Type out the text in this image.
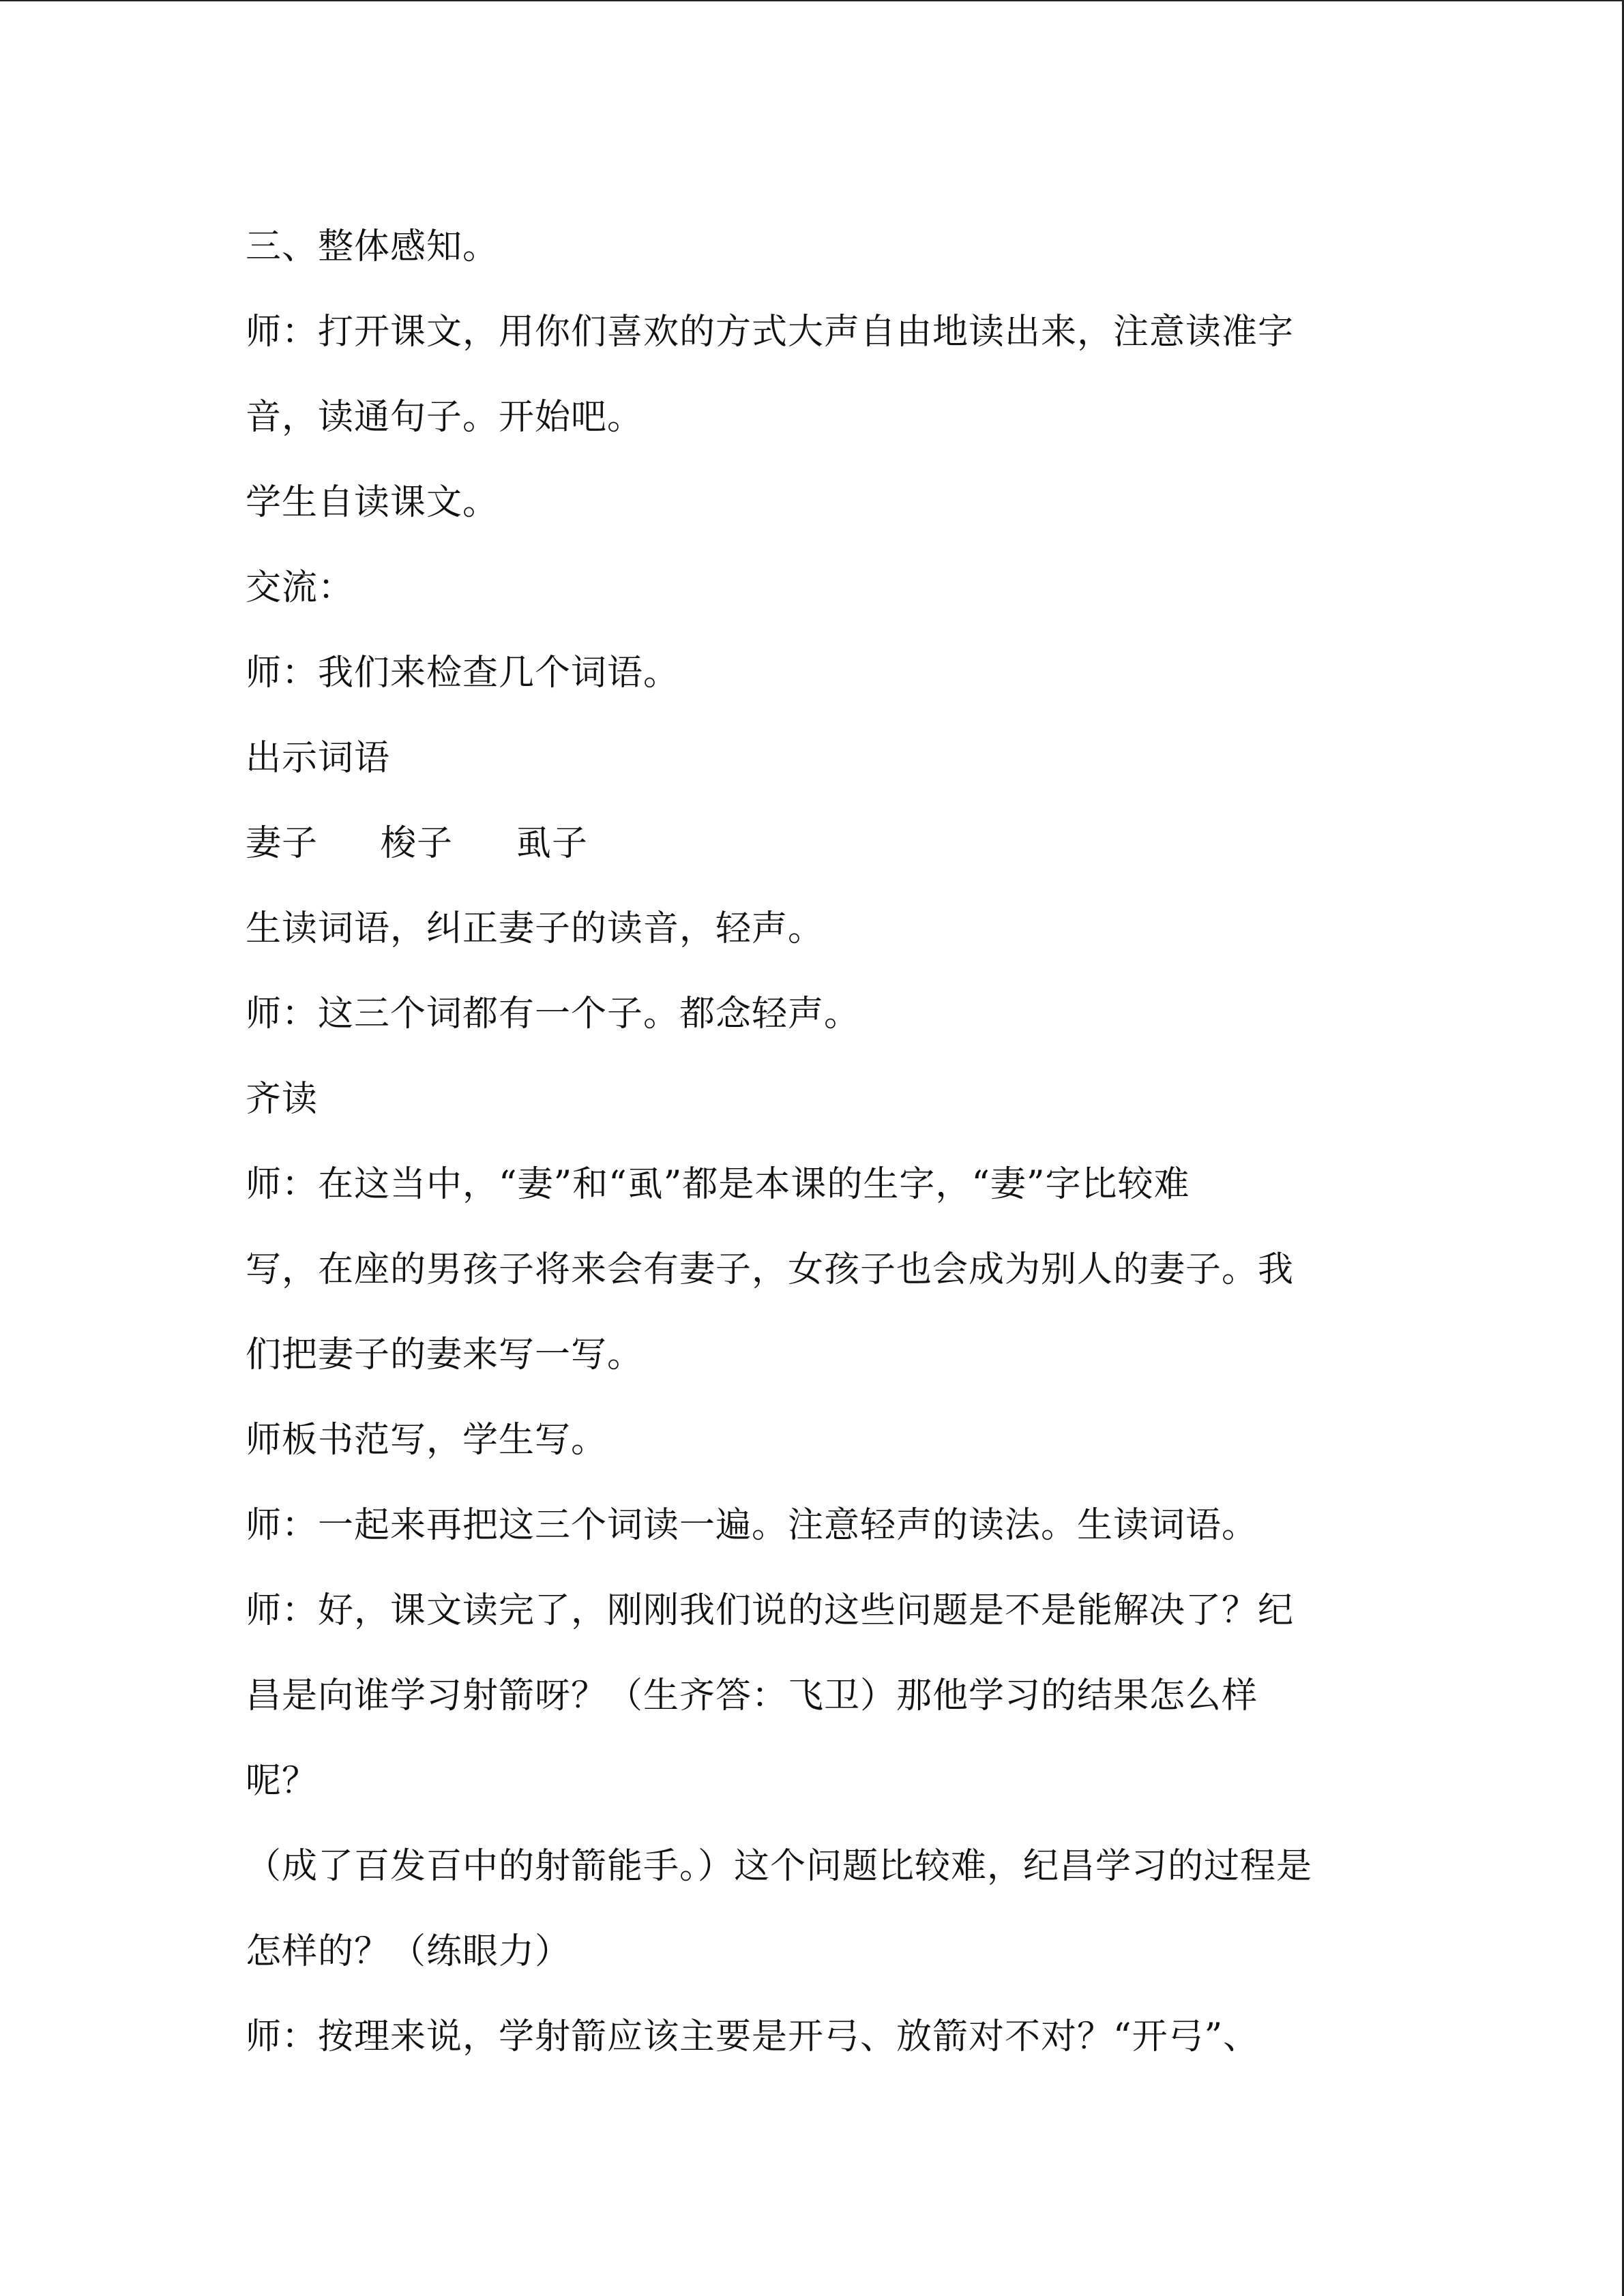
三、整体感知。
师：打开课文，用你们喜欢的方式大声自由地读出来，注意读准字
音，读通句子。开始吧。
学生自读课文。
交流：
师：我们来检查几个词语。
出示词语
妻子 梭子 虱子
生读词语，纠正妻子的读音，轻声。
师：这三个词都有一个子。都念轻声。
齐读
师：在这当中，“妻”和“虱”都是本课的生字，“妻”字比较难
写，在座的男孩子将来会有妻子，女孩子也会成为别人的妻子。我
们把妻子的妻来写一写。
师板书范写，学生写。
师：一起来再把这三个词读一遍。注意轻声的读法。生读词语。
师：好，课文读完了，刚刚我们说的这些问题是不是能解决了？纪
昌是向谁学习射箭呀？（生齐答：飞卫）那他学习的结果怎么样
呢？
（成了百发百中的射箭能手。）这个问题比较难，纪昌学习的过程是
怎样的？（练眼力）
师：按理来说，学射箭应该主要是开弓、放箭对不对？“开弓”、
